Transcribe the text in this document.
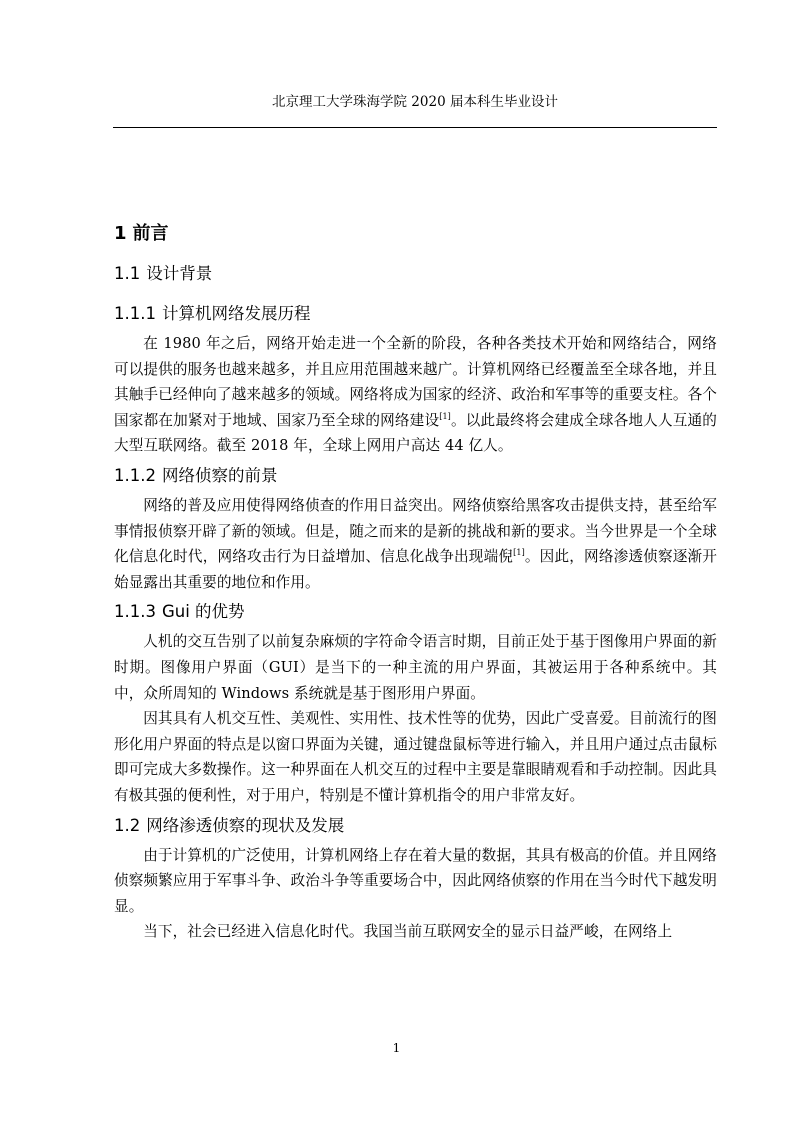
北京理工大学珠海学院 2020 届本科生毕业设计
1 前言
1.1 设计背景
1.1.1 计算机网络发展历程

在 1980 年之后，网络开始走进一个全新的阶段，各种各类技术开始和网络结合，网络可以提供的服务也越来越多，并且应用范围越来越广。计算机网络已经覆盖至全球各地，并且其触手已经伸向了越来越多的领域。网络将成为国家的经济、政治和军事等的重要支柱。各个国家都在加紧对于地域、国家乃至全球的网络建设[1]。以此最终将会建成全球各地人人互通的大型互联网络。截至 2018 年，全球上网用户高达 44 亿人。

1.1.2 网络侦察的前景

网络的普及应用使得网络侦查的作用日益突出。网络侦察给黑客攻击提供支持，甚至给军事情报侦察开辟了新的领域。但是，随之而来的是新的挑战和新的要求。当今世界是一个全球化信息化时代，网络攻击行为日益增加、信息化战争出现端倪[1]。因此，网络渗透侦察逐渐开始显露出其重要的地位和作用。

1.1.3 Gui 的优势

人机的交互告别了以前复杂麻烦的字符命令语言时期，目前正处于基于图像用户界面的新时期。图像用户界面（GUI）是当下的一种主流的用户界面，其被运用于各种系统中。其中，众所周知的 Windows 系统就是基于图形用户界面。

因其具有人机交互性、美观性、实用性、技术性等的优势，因此广受喜爱。目前流行的图形化用户界面的特点是以窗口界面为关键，通过键盘鼠标等进行输入，并且用户通过点击鼠标即可完成大多数操作。这一种界面在人机交互的过程中主要是靠眼睛观看和手动控制。因此具有极其强的便利性，对于用户，特别是不懂计算机指令的用户非常友好。

1.2 网络渗透侦察的现状及发展

由于计算机的广泛使用，计算机网络上存在着大量的数据，其具有极高的价值。并且网络侦察频繁应用于军事斗争、政治斗争等重要场合中，因此网络侦察的作用在当今时代下越发明显。

当下，社会已经进入信息化时代。我国当前互联网安全的显示日益严峻，在网络上

1
